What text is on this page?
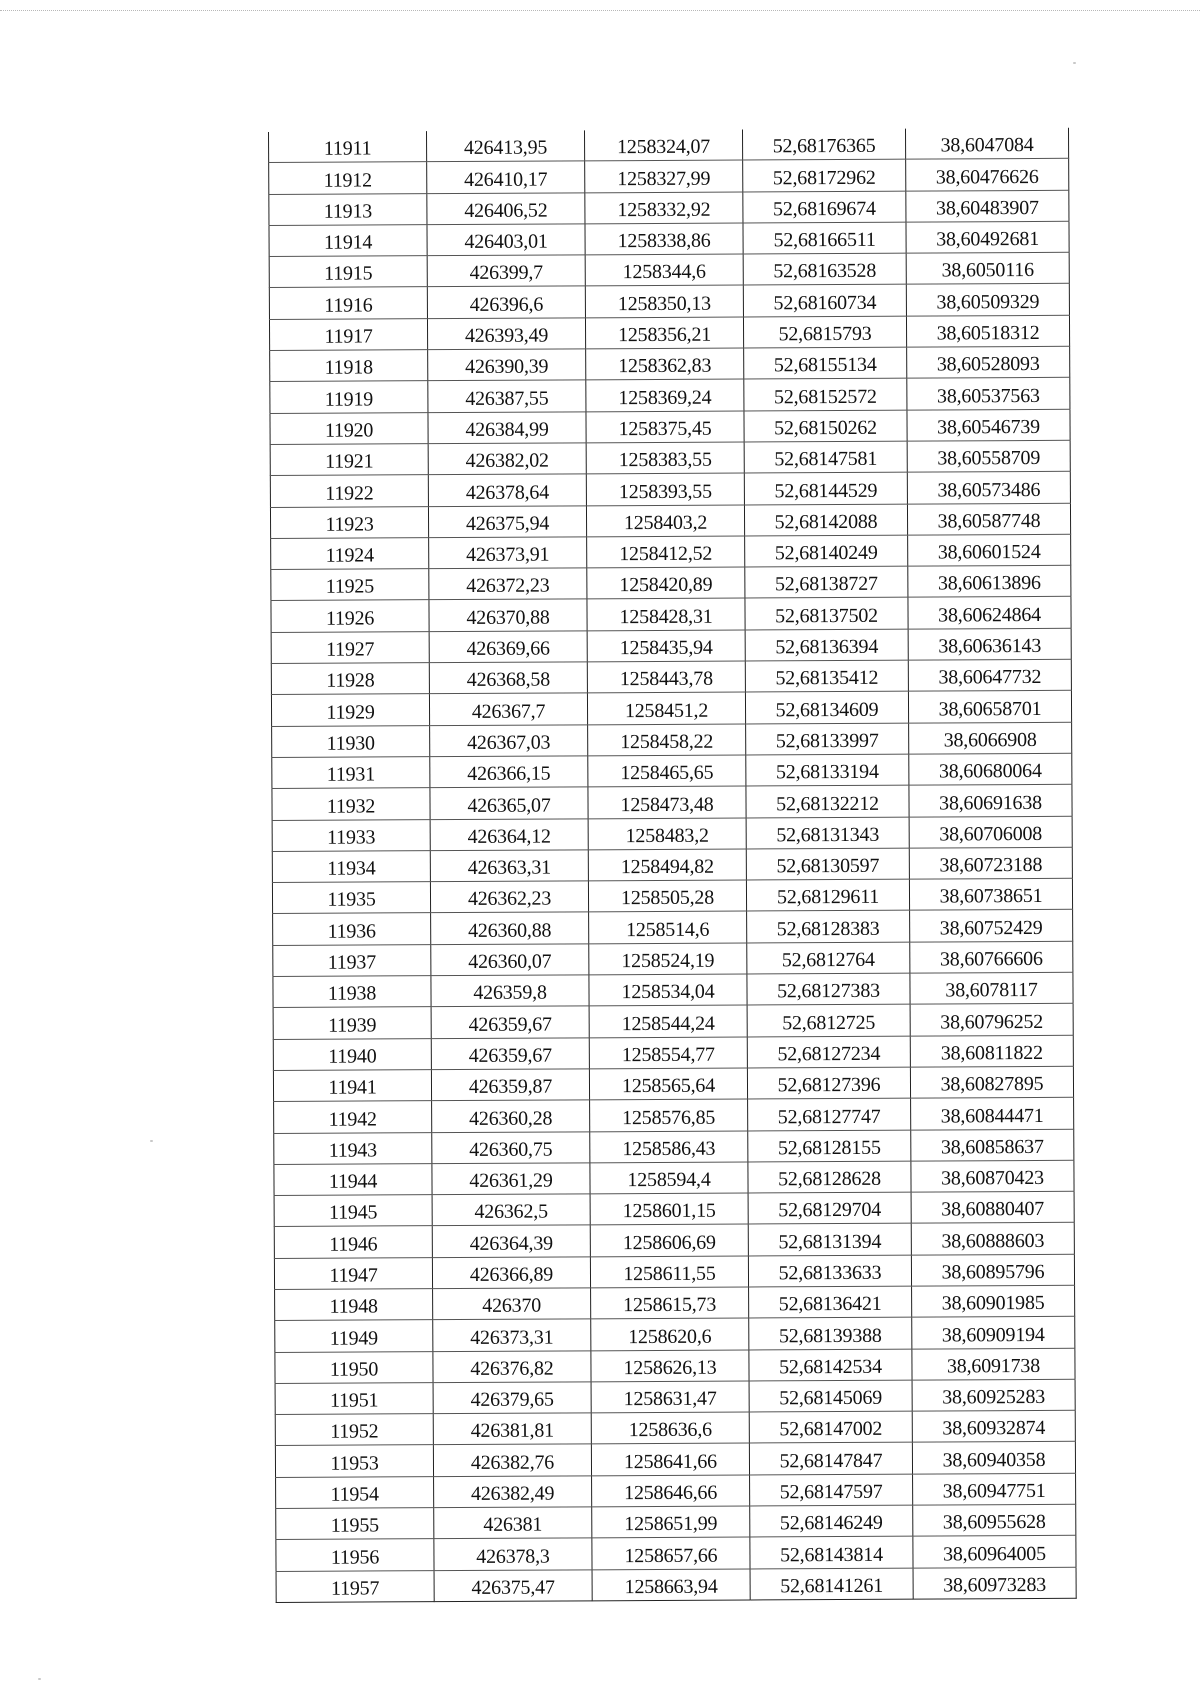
11911	426413,95	1258324,07	52,68176365	38,6047084
11912	426410,17	1258327,99	52,68172962	38,60476626
11913	426406,52	1258332,92	52,68169674	38,60483907
11914	426403,01	1258338,86	52,68166511	38,60492681
11915	426399,7	1258344,6	52,68163528	38,6050116
11916	426396,6	1258350,13	52,68160734	38,60509329
11917	426393,49	1258356,21	52,6815793	38,60518312
11918	426390,39	1258362,83	52,68155134	38,60528093
11919	426387,55	1258369,24	52,68152572	38,60537563
11920	426384,99	1258375,45	52,68150262	38,60546739
11921	426382,02	1258383,55	52,68147581	38,60558709
11922	426378,64	1258393,55	52,68144529	38,60573486
11923	426375,94	1258403,2	52,68142088	38,60587748
11924	426373,91	1258412,52	52,68140249	38,60601524
11925	426372,23	1258420,89	52,68138727	38,60613896
11926	426370,88	1258428,31	52,68137502	38,60624864
11927	426369,66	1258435,94	52,68136394	38,60636143
11928	426368,58	1258443,78	52,68135412	38,60647732
11929	426367,7	1258451,2	52,68134609	38,60658701
11930	426367,03	1258458,22	52,68133997	38,6066908
11931	426366,15	1258465,65	52,68133194	38,60680064
11932	426365,07	1258473,48	52,68132212	38,60691638
11933	426364,12	1258483,2	52,68131343	38,60706008
11934	426363,31	1258494,82	52,68130597	38,60723188
11935	426362,23	1258505,28	52,68129611	38,60738651
11936	426360,88	1258514,6	52,68128383	38,60752429
11937	426360,07	1258524,19	52,6812764	38,60766606
11938	426359,8	1258534,04	52,68127383	38,6078117
11939	426359,67	1258544,24	52,6812725	38,60796252
11940	426359,67	1258554,77	52,68127234	38,60811822
11941	426359,87	1258565,64	52,68127396	38,60827895
11942	426360,28	1258576,85	52,68127747	38,60844471
11943	426360,75	1258586,43	52,68128155	38,60858637
11944	426361,29	1258594,4	52,68128628	38,60870423
11945	426362,5	1258601,15	52,68129704	38,60880407
11946	426364,39	1258606,69	52,68131394	38,60888603
11947	426366,89	1258611,55	52,68133633	38,60895796
11948	426370	1258615,73	52,68136421	38,60901985
11949	426373,31	1258620,6	52,68139388	38,60909194
11950	426376,82	1258626,13	52,68142534	38,6091738
11951	426379,65	1258631,47	52,68145069	38,60925283
11952	426381,81	1258636,6	52,68147002	38,60932874
11953	426382,76	1258641,66	52,68147847	38,60940358
11954	426382,49	1258646,66	52,68147597	38,60947751
11955	426381	1258651,99	52,68146249	38,60955628
11956	426378,3	1258657,66	52,68143814	38,60964005
11957	426375,47	1258663,94	52,68141261	38,60973283
